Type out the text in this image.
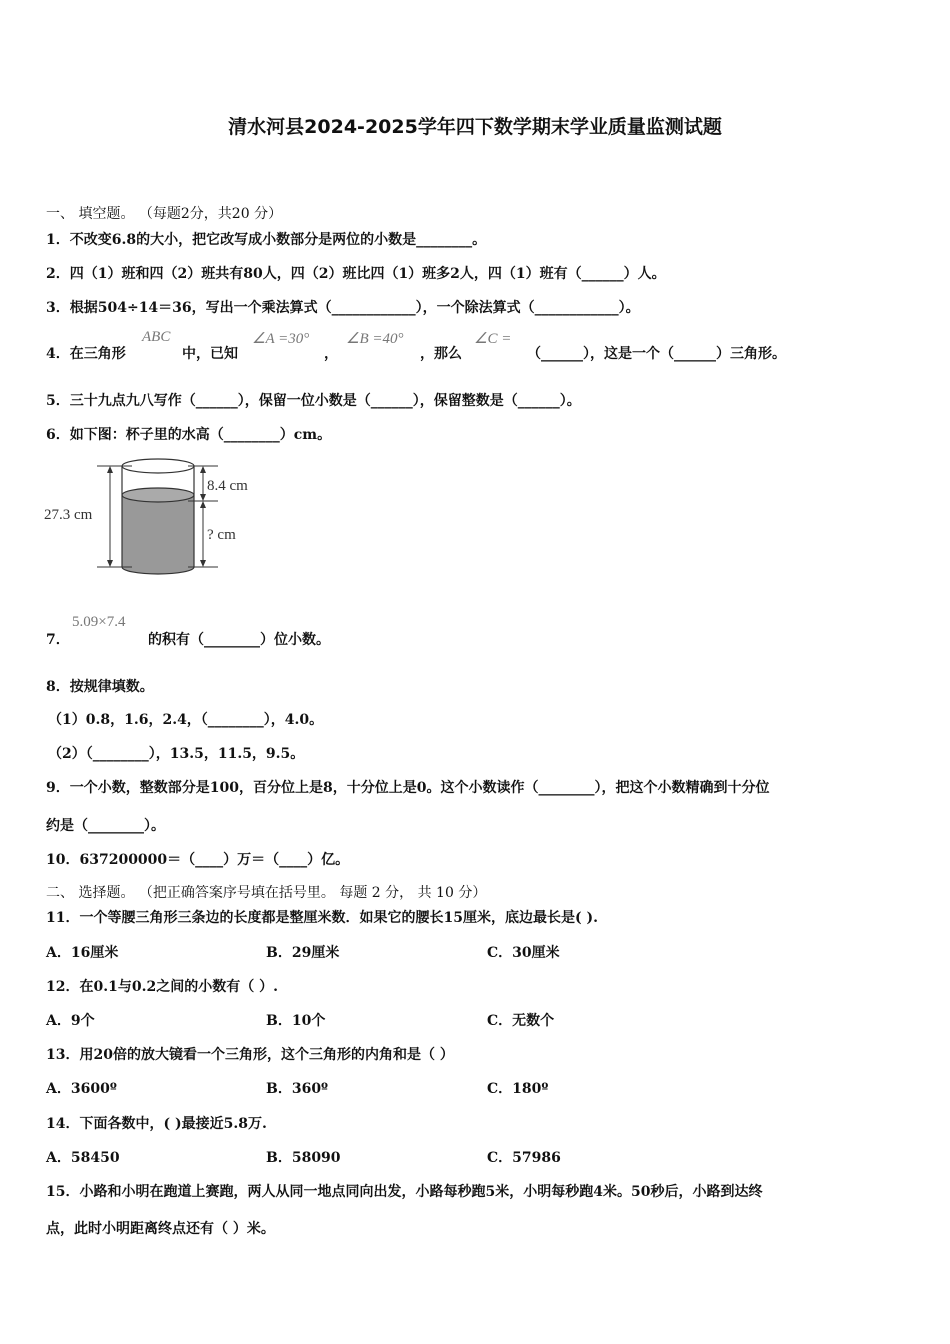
清水河县2024-2025学年四下数学期末学业质量监测试题
一、 填空题。 （每题2分，共20 分）
1．不改变6.8的大小，把它改写成小数部分是两位的小数是________。
2．四（1）班和四（2）班共有80人，四（2）班比四（1）班多2人，四（1）班有（______）人。
3．根据504÷14＝36，写出一个乘法算式（____________），一个除法算式（____________）。
4．在三角形
ABC
中，已知
∠A =30°
，
∠B =40°
，那么
∠C =
（______），这是一个（______）三角形。
5．三十九点九八写作（______），保留一位小数是（______），保留整数是（______）。
6．如下图：杯子里的水高（________）cm。
27.3 cm
8.4 cm
? cm
7．
5.09×7.4
的积有（________）位小数。
8．按规律填数。
（1）0.8，1.6，2.4，（________），4.0。
（2）（________），13.5，11.5，9.5。
9．一个小数，整数部分是100，百分位上是8，十分位上是0。这个小数读作（________），把这个小数精确到十分位
约是（________）。
10．637200000＝（____）万＝（____）亿。
二、 选择题。 （把正确答案序号填在括号里。 每题 2 分， 共 10 分）
11．一个等腰三角形三条边的长度都是整厘米数．如果它的腰长15厘米，底边最长是( ).
A．16厘米	B．29厘米	C．30厘米
12．在0.1与0.2之间的小数有（ ）.
A．9个	B．10个	C．无数个
13．用20倍的放大镜看一个三角形，这个三角形的内角和是（ ）
A．3600º	B．360º	C．180º
14．下面各数中，( )最接近5.8万.
A．58450	B．58090	C．57986
15．小路和小明在跑道上赛跑，两人从同一地点同向出发，小路每秒跑5米，小明每秒跑4米。50秒后，小路到达终
点，此时小明距离终点还有（ ）米。
